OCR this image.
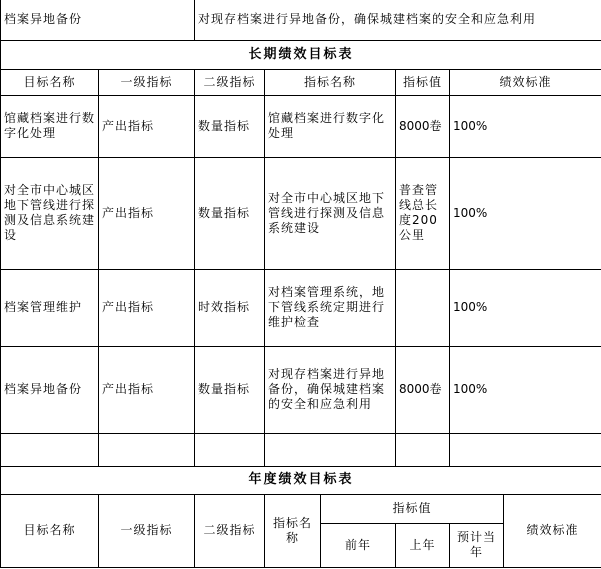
档案异地备份	对现存档案进行异地备份，确保城建档案的安全和应急利用
长期绩效目标表					
目标名称	一级指标	二级指标	指标名称	指标值	绩效标准
馆藏档案进行数字化处理	产出指标	数量指标	馆藏档案进行数字化处理	8000卷	100%
对全市中心城区地下管线进行探测及信息系统建设	产出指标	数量指标	对全市中心城区地下管线进行探测及信息系统建设	普查管线总长度200公里	100%
档案管理维护	产出指标	时效指标	对档案管理系统，地下管线系统定期进行维护检查		100%
档案异地备份	产出指标	数量指标	对现存档案进行异地备份，确保城建档案的安全和应急利用	8000卷	100%

年度绩效目标表							
目标名称	一级指标	二级指标	指标名称	指标值			绩效标准
				前年	上年	预计当年	
